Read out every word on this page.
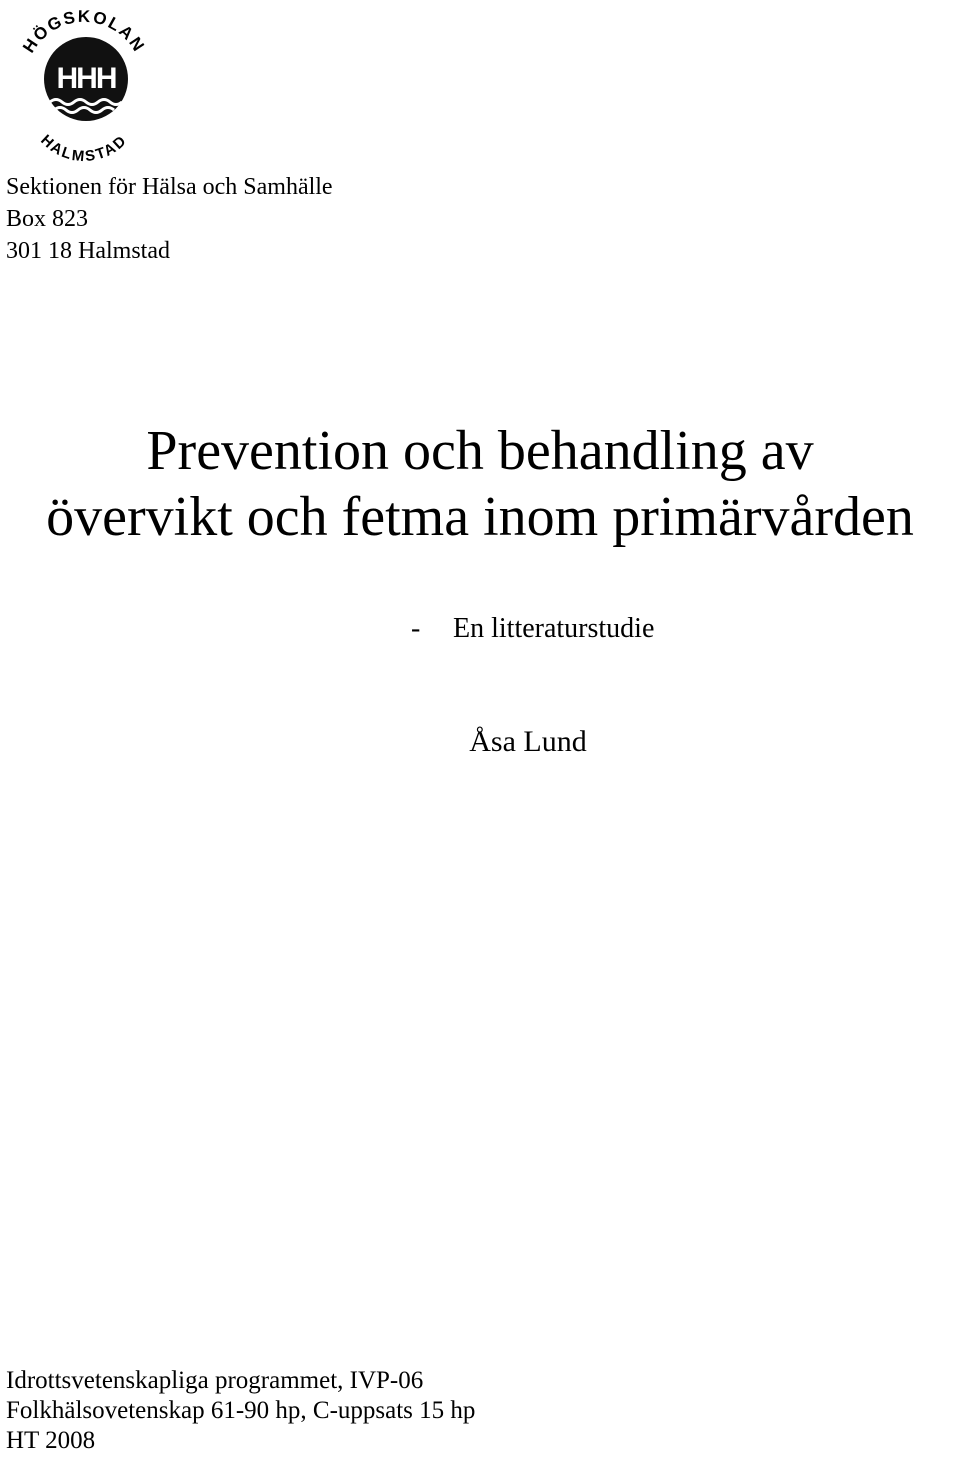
HÖGSKOLAN
HALMSTAD
HHH
Sektionen för Hälsa och Samhälle
Box 823
301 18 Halmstad
Prevention och behandling av
övervikt och fetma inom primärvården
- En litteraturstudie
Åsa Lund
Idrottsvetenskapliga programmet, IVP-06
Folkhälsovetenskap 61-90 hp, C-uppsats 15 hp
HT 2008
